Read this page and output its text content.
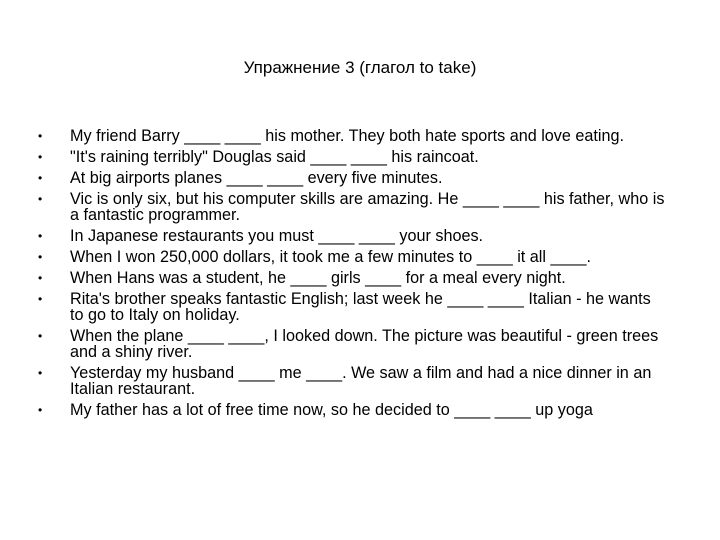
Упражнение 3 (глагол to take)
• My friend Barry ____ ____ his mother. They both hate sports and love eating.
• "It's raining terribly" Douglas said ____ ____ his raincoat.
• At big airports planes ____ ____ every five minutes.
• Vic is only six, but his computer skills are amazing. He ____ ____ his father, who is a fantastic programmer.
• In Japanese restaurants you must ____ ____ your shoes.
• When I won 250,000 dollars, it took me a few minutes to ____ it all ____.
• When Hans was a student, he ____ girls ____ for a meal every night.
• Rita's brother speaks fantastic English; last week he ____ ____ Italian - he wants to go to Italy on holiday.
• When the plane ____ ____, I looked down. The picture was beautiful - green trees and a shiny river.
• Yesterday my husband ____ me ____. We saw a film and had a nice dinner in an Italian restaurant.
• My father has a lot of free time now, so he decided to ____ ____ up yoga
